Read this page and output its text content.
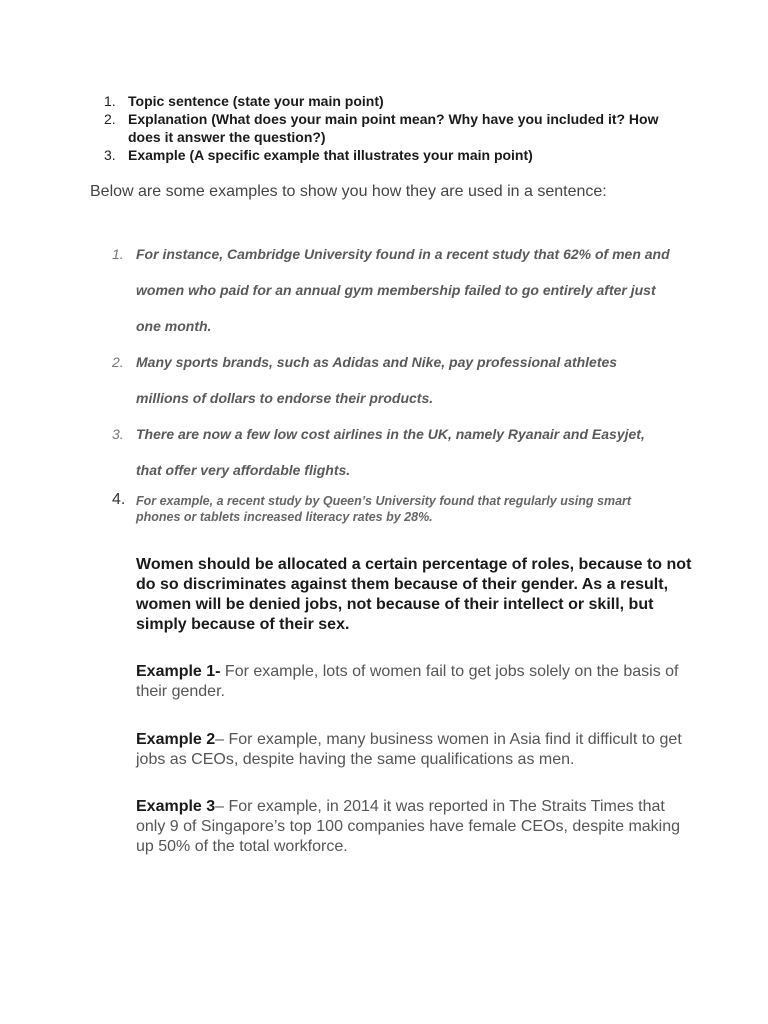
1. Topic sentence (state your main point)
2. Explanation (What does your main point mean? Why have you included it? How does it answer the question?)
3. Example (A specific example that illustrates your main point)

Below are some examples to show you how they are used in a sentence:

1. For instance, Cambridge University found in a recent study that 62% of men and women who paid for an annual gym membership failed to go entirely after just one month.
2. Many sports brands, such as Adidas and Nike, pay professional athletes millions of dollars to endorse their products.
3. There are now a few low cost airlines in the UK, namely Ryanair and Easyjet, that offer very affordable flights.
4. For example, a recent study by Queen’s University found that regularly using smart phones or tablets increased literacy rates by 28%.

Women should be allocated a certain percentage of roles, because to not do so discriminates against them because of their gender. As a result, women will be denied jobs, not because of their intellect or skill, but simply because of their sex.

Example 1- For example, lots of women fail to get jobs solely on the basis of their gender.

Example 2– For example, many business women in Asia find it difficult to get jobs as CEOs, despite having the same qualifications as men.

Example 3– For example, in 2014 it was reported in The Straits Times that only 9 of Singapore’s top 100 companies have female CEOs, despite making up 50% of the total workforce.
